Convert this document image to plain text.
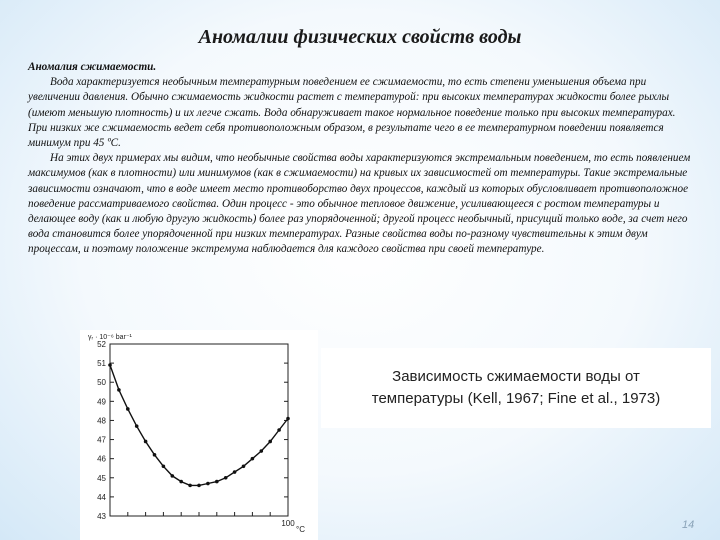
Аномалии физических свойств воды

Аномалия сжимаемости.

Вода характеризуется необычным температурным поведением ее сжимаемости, то есть степени уменьшения объема при увеличении давления. Обычно сжимаемость жидкости растет с температурой: при высоких температурах жидкости более рыхлы (имеют меньшую плотность) и их легче сжать. Вода обнаруживает такое нормальное поведение только при высоких температурах. При низких же сжимаемость ведет себя противоположным образом, в результате чего в ее температурном поведении появляется минимум при 45 ºС.

На этих двух примерах мы видим, что необычные свойства воды характеризуются экстремальным поведением, то есть появлением максимумов (как в плотности) или минимумов (как в сжимаемости) на кривых их зависимостей от температуры. Такие экстремальные зависимости означают, что в воде имеет место противоборство двух процессов, каждый из которых обусловливает противоположное поведение рассматриваемого свойства. Один процесс - это обычное тепловое движение, усиливающееся с ростом температуры и делающее воду (как и любую другую жидкость) более раз упорядоченной; другой процесс необычный, присущий только воде, за счет него вода становится более упорядоченной при низких температурах. Разные свойства воды по-разному чувствительны к этим двум процессам, и поэтому положение экстремума наблюдается для каждого свойства при своей температуре.

γᵣ · 10⁻⁶ bar⁻¹
°C
52
51
50
49
48
47
46
45
44
43
100
Зависимость сжимаемости воды от
температуры (Kell, 1967; Fine et al., 1973)
14
